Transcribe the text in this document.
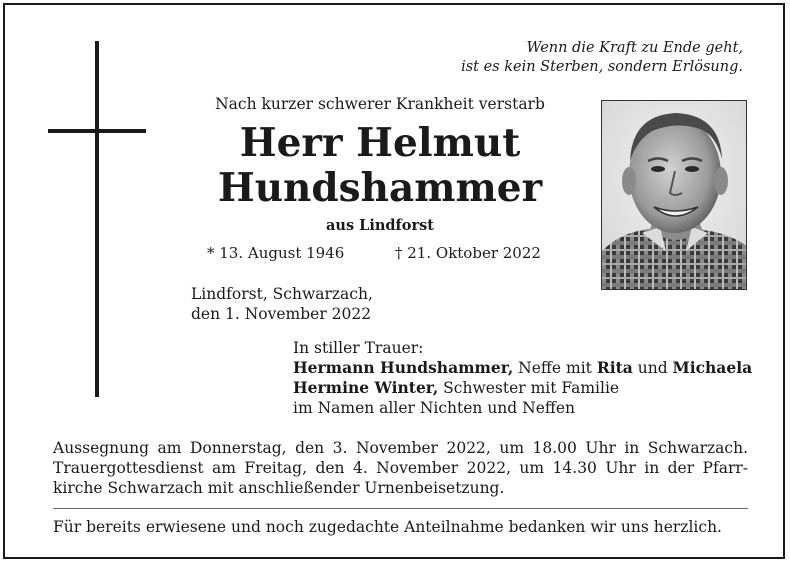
Wenn die Kraft zu Ende geht,
ist es kein Sterben, sondern Erlösung.
Nach kurzer schwerer Krankheit verstarb
Herr Helmut
Hundshammer
aus Lindforst
* 13. August 1946	† 21. Oktober 2022
Lindforst, Schwarzach,
den 1. November 2022
In stiller Trauer:
Hermann Hundshammer, Neffe mit Rita und Michaela
Hermine Winter, Schwester mit Familie
im Namen aller Nichten und Neffen

Aussegnung am Donnerstag, den 3. November 2022, um 18.00 Uhr in Schwarzach.

Trauergottesdienst am Freitag, den 4. November 2022, um 14.30 Uhr in der Pfarr-

kirche Schwarzach mit anschließender Urnenbeisetzung.

Für bereits erwiesene und noch zugedachte Anteilnahme bedanken wir uns herzlich.
